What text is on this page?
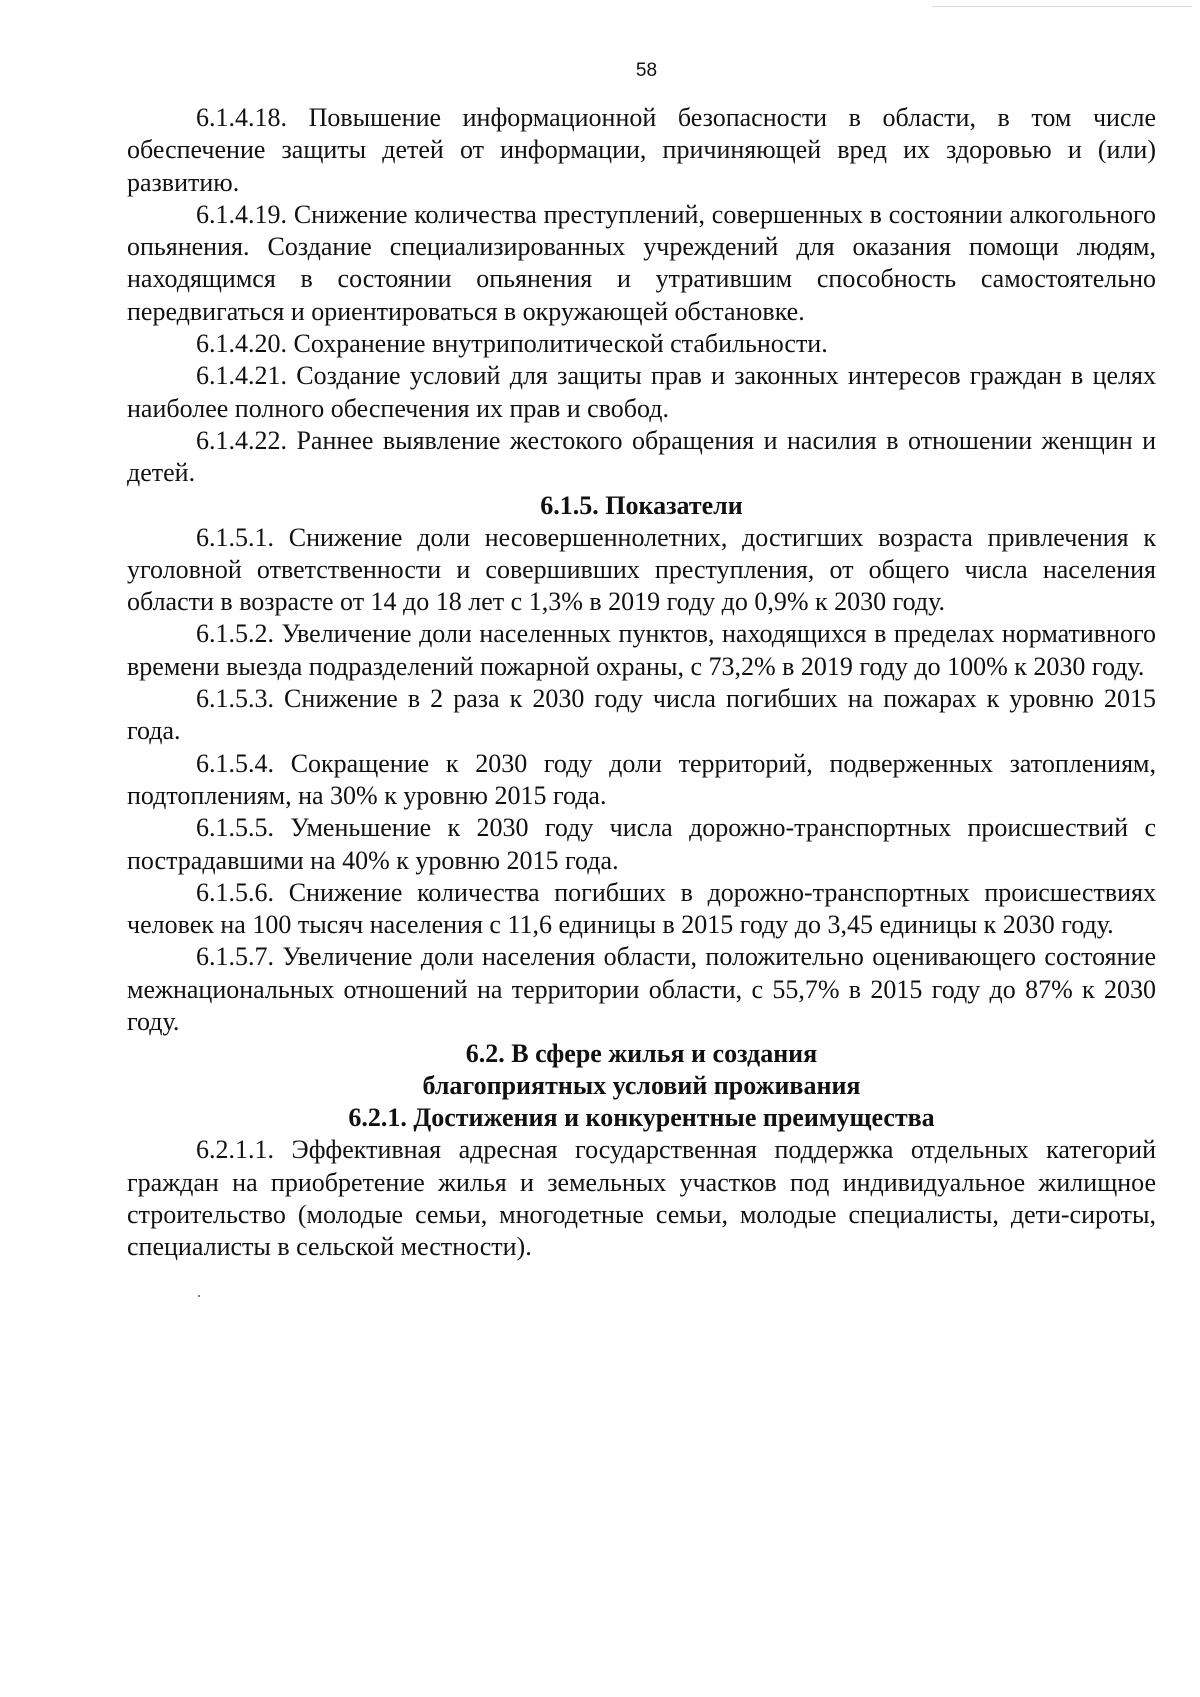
58

6.1.4.18. Повышение информационной безопасности в области, в том числе обеспечение защиты детей от информации, причиняющей вред их здоровью и (или) развитию.

6.1.4.19. Снижение количества преступлений, совершенных в состоянии алкогольного опьянения. Создание специализированных учреждений для оказания помощи людям, находящимся в состоянии опьянения и утратившим способность самостоятельно передвигаться и ориентироваться в окружающей обстановке.

6.1.4.20. Сохранение внутриполитической стабильности.

6.1.4.21. Создание условий для защиты прав и законных интересов граждан в целях наиболее полного обеспечения их прав и свобод.

6.1.4.22. Раннее выявление жестокого обращения и насилия в отношении женщин и детей.

6.1.5. Показатели

6.1.5.1. Снижение доли несовершеннолетних, достигших возраста привлечения к уголовной ответственности и совершивших преступления, от общего числа населения области в возрасте от 14 до 18 лет с 1,3% в 2019 году до 0,9% к 2030 году.

6.1.5.2. Увеличение доли населенных пунктов, находящихся в пределах нормативного времени выезда подразделений пожарной охраны, с 73,2% в 2019 году до 100% к 2030 году.

6.1.5.3. Снижение в 2 раза к 2030 году числа погибших на пожарах к уровню 2015 года.

6.1.5.4. Сокращение к 2030 году доли территорий, подверженных затоплениям, подтоплениям, на 30% к уровню 2015 года.

6.1.5.5. Уменьшение к 2030 году числа дорожно-транспортных происшествий с пострадавшими на 40% к уровню 2015 года.

6.1.5.6. Снижение количества погибших в дорожно-транспортных происшествиях человек на 100 тысяч населения с 11,6 единицы в 2015 году до 3,45 единицы к 2030 году.

6.1.5.7. Увеличение доли населения области, положительно оценивающего состояние межнациональных отношений на территории области, с 55,7% в 2015 году до 87% к 2030 году.

6.2. В сфере жилья и создания
благоприятных условий проживания
6.2.1. Достижения и конкурентные преимущества

6.2.1.1. Эффективная адресная государственная поддержка отдельных категорий граждан на приобретение жилья и земельных участков под индивидуальное жилищное строительство (молодые семьи, многодетные семьи, молодые специалисты, дети-сироты, специалисты в сельской местности).
